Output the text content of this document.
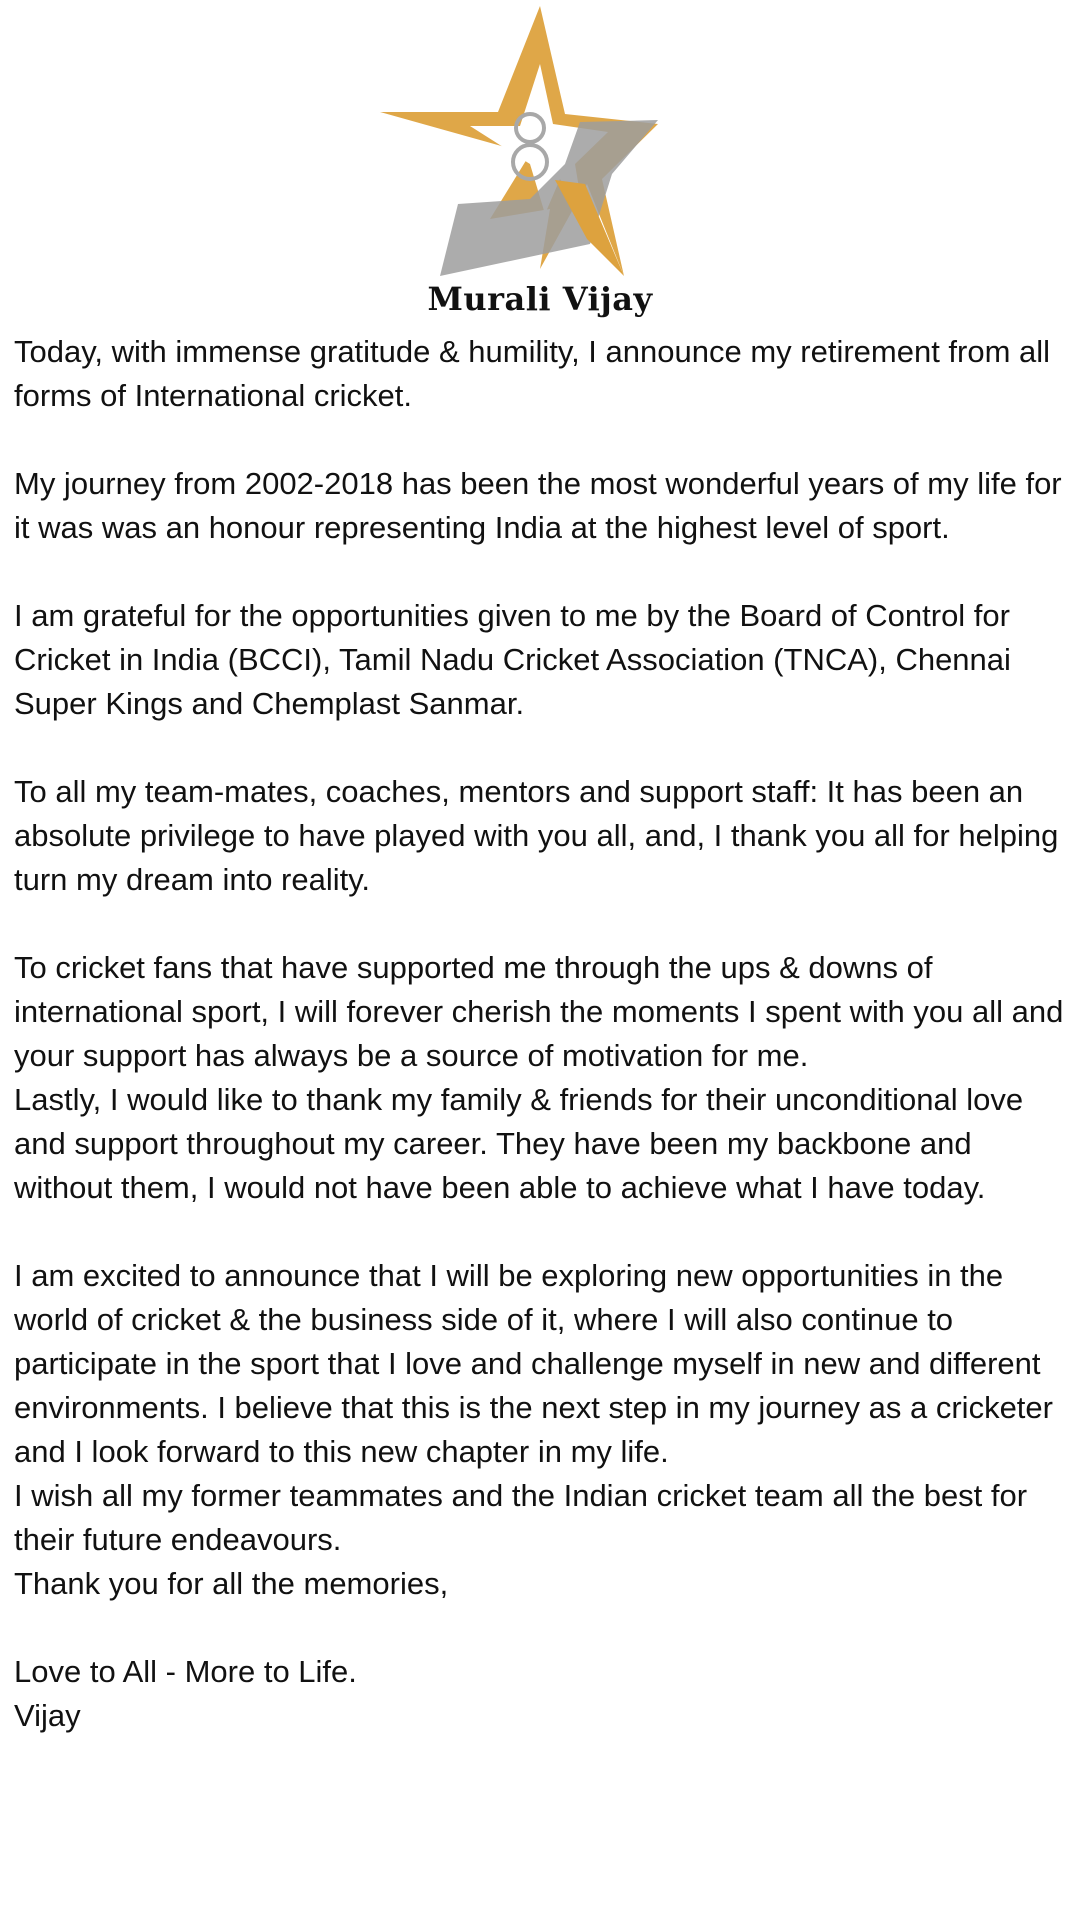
Murali Vijay

Today, with immense gratitude & humility, I announce my retirement from all forms of International cricket.

My journey from 2002-2018 has been the most wonderful years of my life for it was was an honour representing India at the highest level of sport.

I am grateful for the opportunities given to me by the Board of Control for Cricket in India (BCCI), Tamil Nadu Cricket Association (TNCA), Chennai Super Kings and Chemplast Sanmar.

To all my team-mates, coaches, mentors and support staff: It has been an absolute privilege to have played with you all, and, I thank you all for helping turn my dream into reality.

To cricket fans that have supported me through the ups & downs of international sport, I will forever cherish the moments I spent with you all and your support has always be a source of motivation for me.

Lastly, I would like to thank my family & friends for their unconditional love and support throughout my career. They have been my backbone and without them, I would not have been able to achieve what I have today.

I am excited to announce that I will be exploring new opportunities in the world of cricket & the business side of it, where I will also continue to participate in the sport that I love and challenge myself in new and different environments. I believe that this is the next step in my journey as a cricketer and I look forward to this new chapter in my life.

I wish all my former teammates and the Indian cricket team all the best for their future endeavours.

Thank you for all the memories,

Love to All - More to Life.

Vijay
